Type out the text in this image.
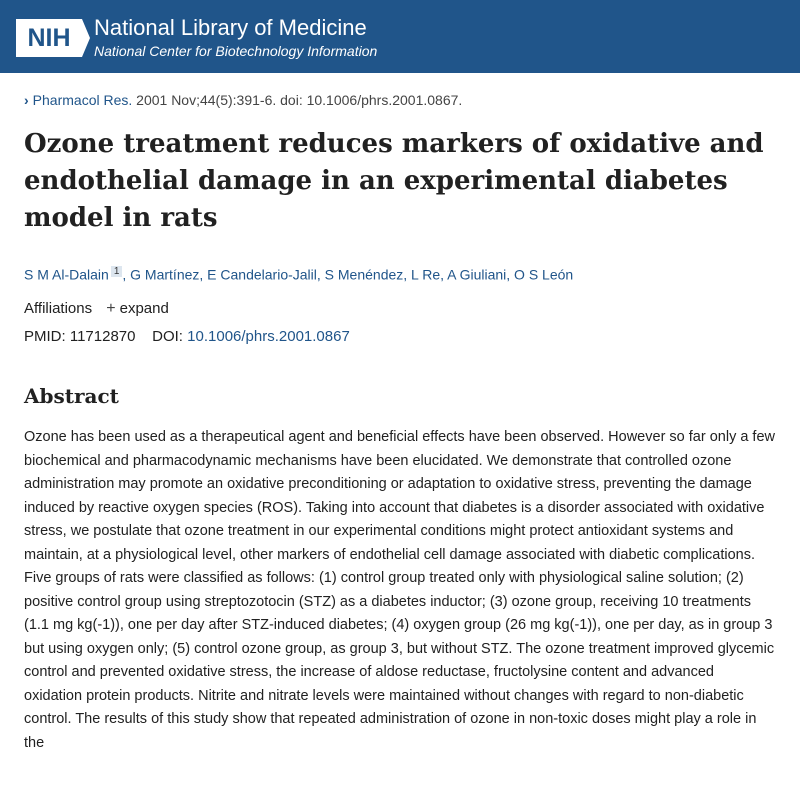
NIH	National Library of Medicine
National Center for Biotechnology Information
› Pharmacol Res. 2001 Nov;44(5):391-6. doi: 10.1006/phrs.2001.0867.
Ozone treatment reduces markers of oxidative and endothelial damage in an experimental diabetes model in rats
S M Al-Dalain $^1$ , G Martínez, E Candelario-Jalil, S Menéndez, L Re, A Giuliani, O S León
Affiliations + expand
PMID: 11712870 DOI: 10.1006/phrs.2001.0867
Abstract

Ozone has been used as a therapeutical agent and beneficial effects have been observed. However so far only a few biochemical and pharmacodynamic mechanisms have been elucidated. We demonstrate that controlled ozone administration may promote an oxidative preconditioning or adaptation to oxidative stress, preventing the damage induced by reactive oxygen species (ROS). Taking into account that diabetes is a disorder associated with oxidative stress, we postulate that ozone treatment in our experimental conditions might protect antioxidant systems and maintain, at a physiological level, other markers of endothelial cell damage associated with diabetic complications. Five groups of rats were classified as follows: (1) control group treated only with physiological saline solution; (2) positive control group using streptozotocin (STZ) as a diabetes inductor; (3) ozone group, receiving 10 treatments (1.1 mg kg(-1)), one per day after STZ-induced diabetes; (4) oxygen group (26 mg kg(-1)), one per day, as in group 3 but using oxygen only; (5) control ozone group, as group 3, but without STZ. The ozone treatment improved glycemic control and prevented oxidative stress, the increase of aldose reductase, fructolysine content and advanced oxidation protein products. Nitrite and nitrate levels were maintained without changes with regard to non-diabetic control. The results of this study show that repeated administration of ozone in non-toxic doses might play a role in the
